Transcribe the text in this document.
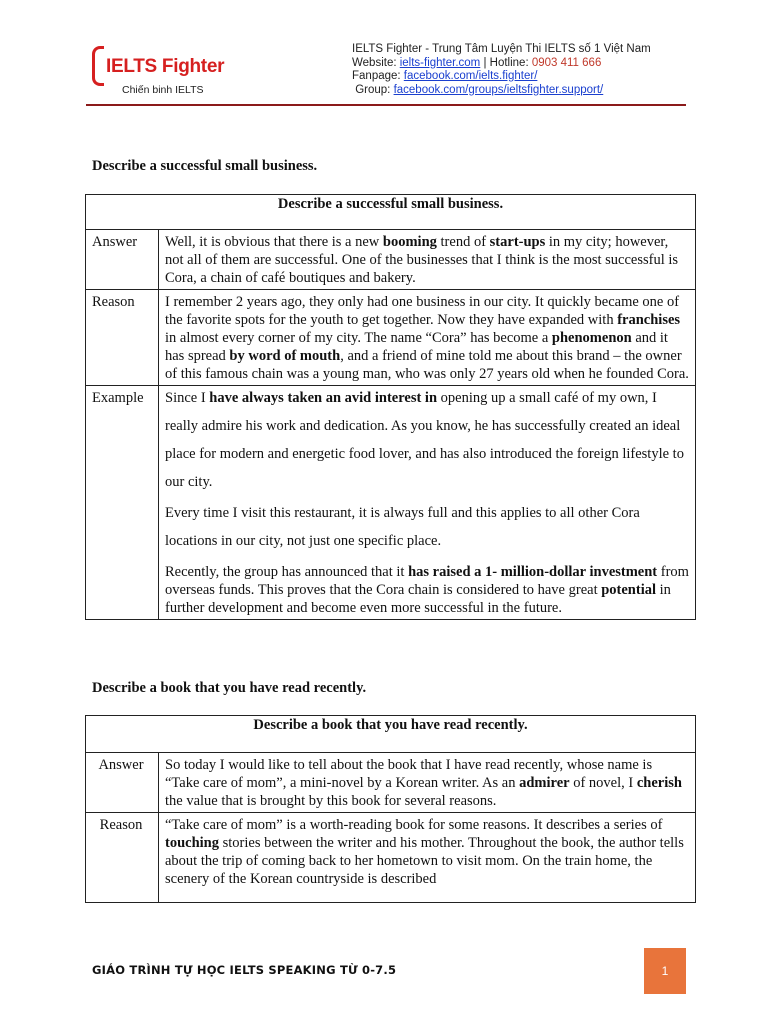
IELTS Fighter
Chiến binh IELTS
IELTS Fighter - Trung Tâm Luyện Thi IELTS số 1 Việt Nam
Website: ielts-fighter.com | Hotline: 0903 411 666
Fanpage: facebook.com/ielts.fighter/
Group: facebook.com/groups/ieltsfighter.support/
Describe a successful small business.
Describe a successful small business.	
Answer	Well, it is obvious that there is a new booming trend of start-ups in my city; however, not all of them are successful. One of the businesses that I think is the most successful is Cora, a chain of café boutiques and bakery.

Reason	I remember 2 years ago, they only had one business in our city. It quickly became one of the favorite spots for the youth to get together. Now they have expanded with franchises in almost every corner of my city. The name “Cora” has become a phenomenon and it has spread by word of mouth, and a friend of mine told me about this brand – the owner of this famous chain was a young man, who was only 27 years old when he founded Cora.

Example	Since I have always taken an avid interest in opening up a small café of my own, I really admire his work and dedication. As you know, he has successfully created an ideal place for modern and energetic food lover, and has also introduced the foreign lifestyle to our city.

Every time I visit this restaurant, it is always full and this applies to all other Cora locations in our city, not just one specific place.

Recently, the group has announced that it has raised a 1- million-dollar investment from overseas funds. This proves that the Cora chain is considered to have great potential in further development and become even more successful in the future.

Describe a book that you have read recently.
Describe a book that you have read recently.	
Answer	So today I would like to tell about the book that I have read recently, whose name is “Take care of mom”, a mini-novel by a Korean writer. As an admirer of novel, I cherish the value that is brought by this book for several reasons.

Reason	“Take care of mom” is a worth-reading book for some reasons. It describes a series of touching stories between the writer and his mother. Throughout the book, the author tells about the trip of coming back to her hometown to visit mom. On the train home, the scenery of the Korean countryside is described

GIÁO TRÌNH TỰ HỌC IELTS SPEAKING TỪ 0-7.5	1
